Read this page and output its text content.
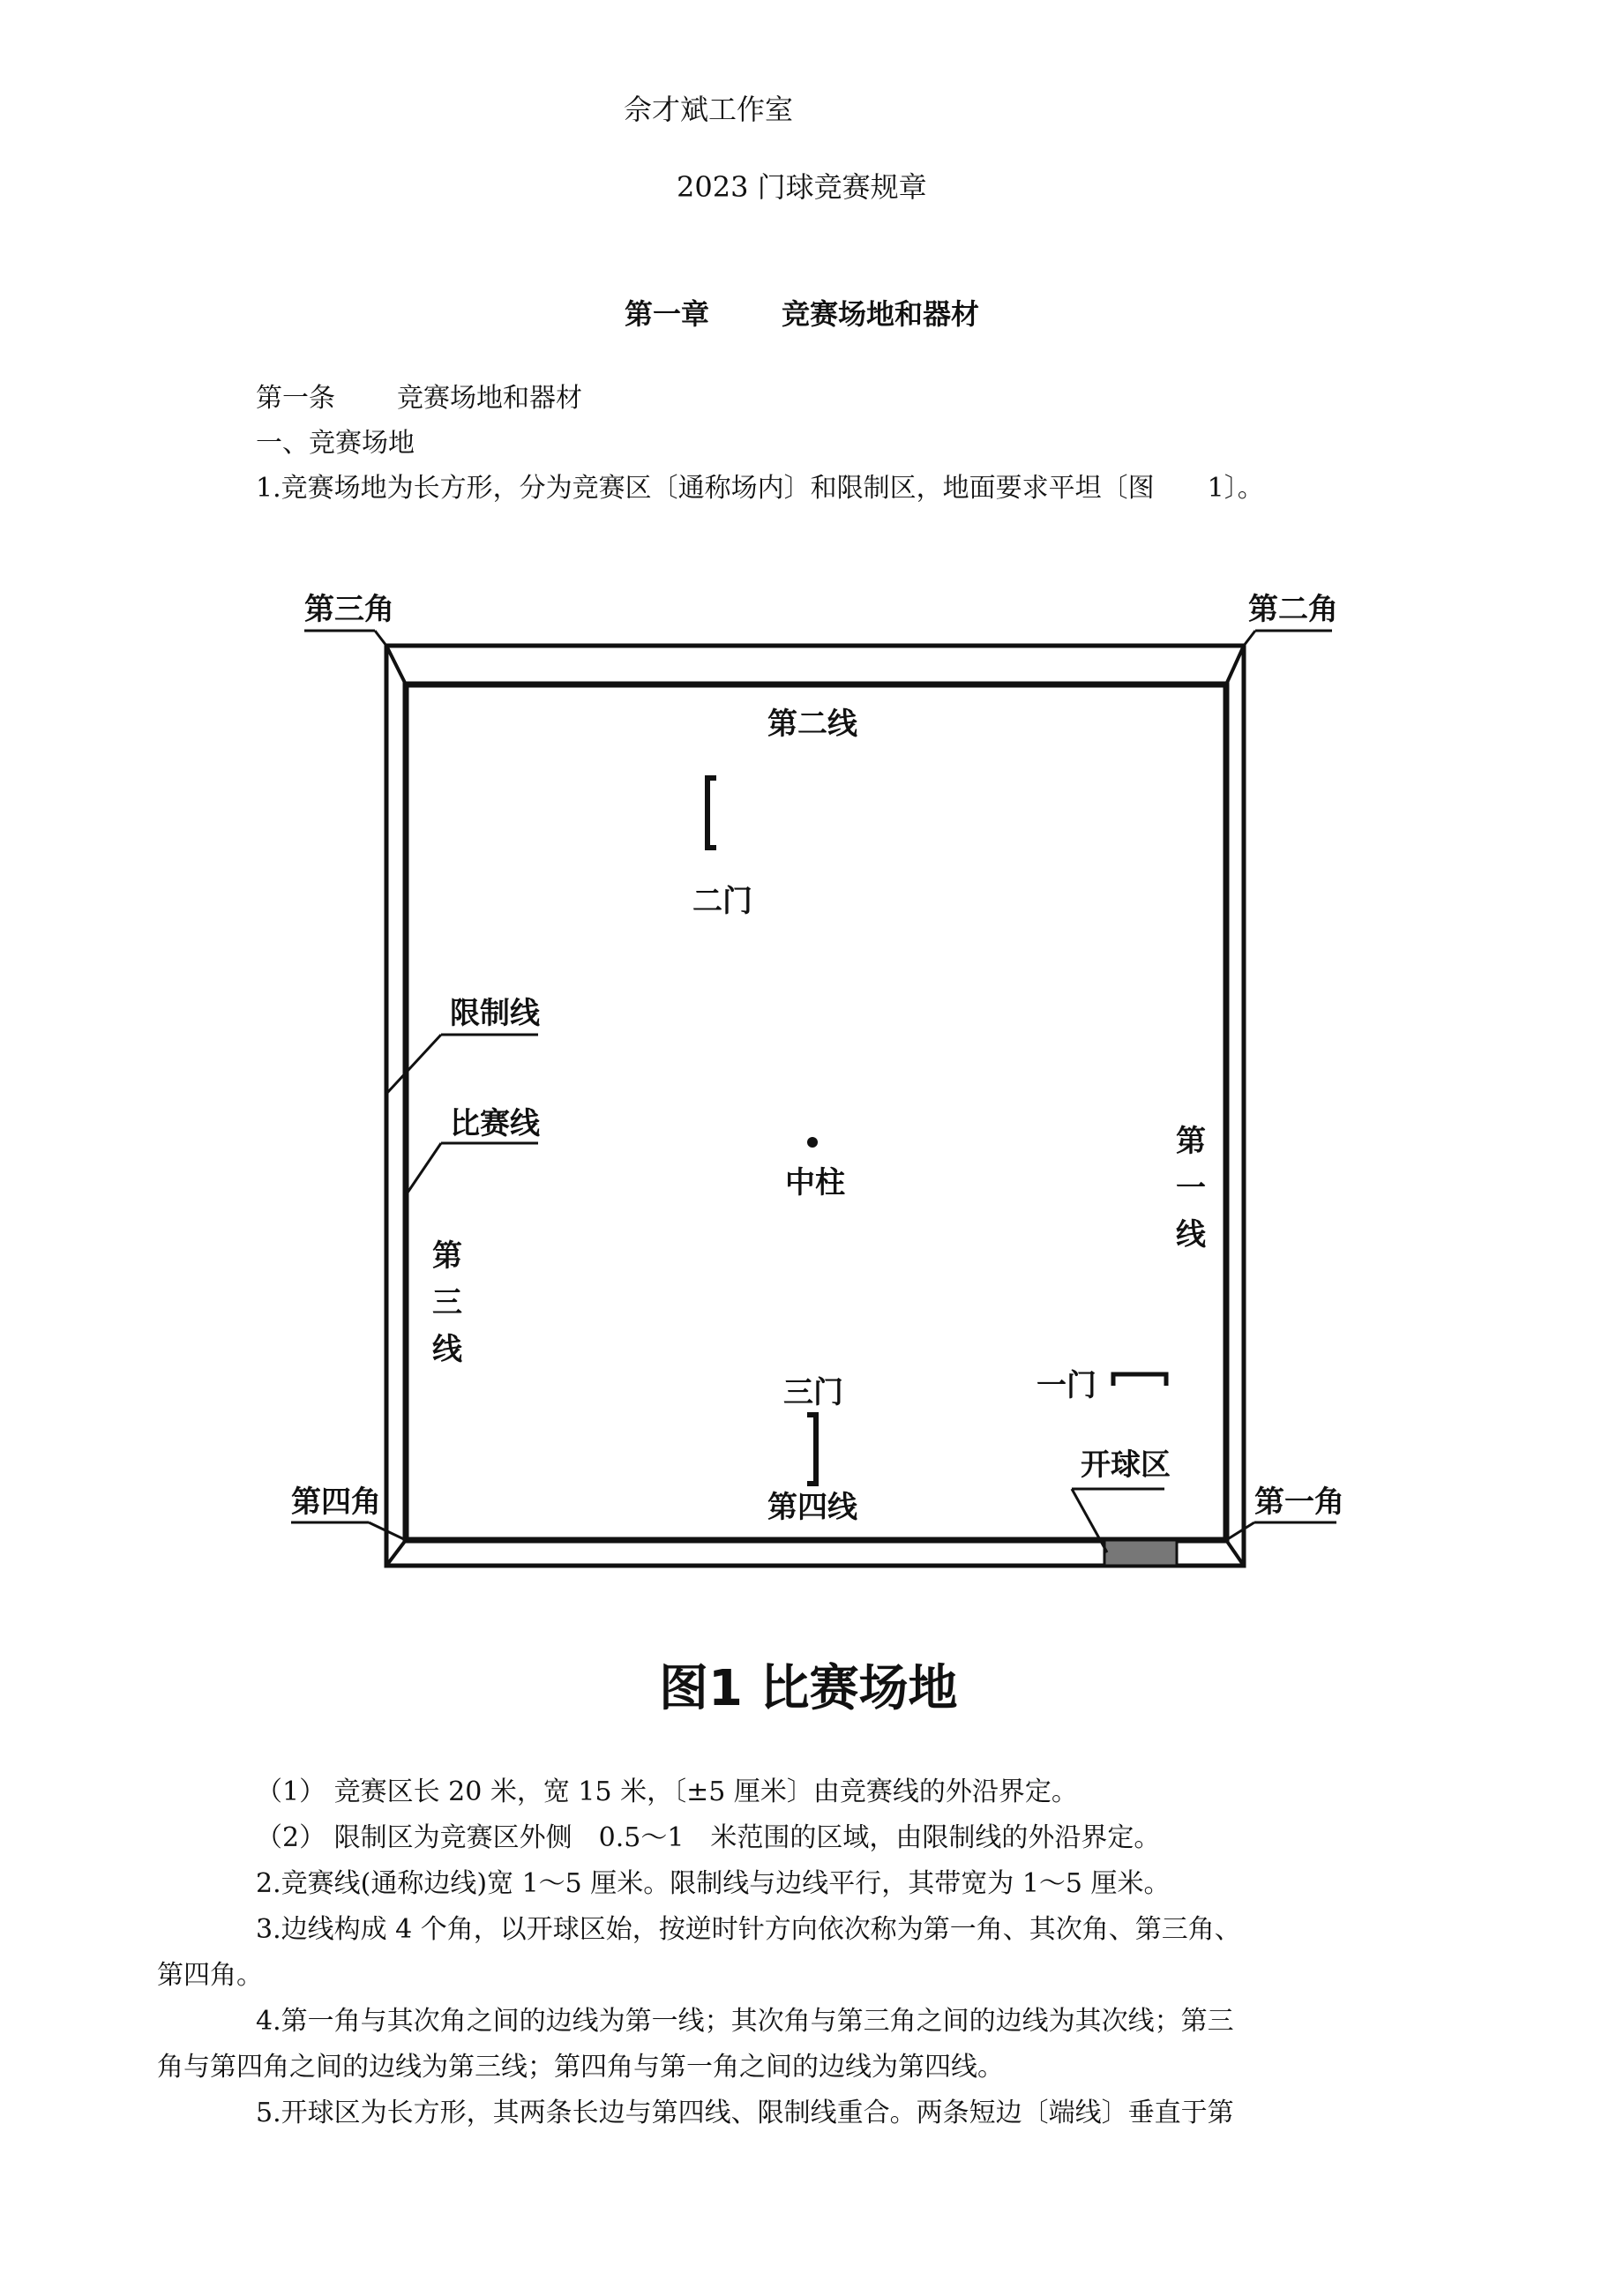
佘才斌工作室
2023 门球竞赛规章
第一章	竞赛场地和器材
第一条 竞赛场地和器材
一、竞赛场地
1.竞赛场地为长方形，分为竞赛区〔通称场内〕和限制区，地面要求平坦〔图　　1〕。
第三角	第二角
第四角	第一角
第二线
第四线
第
三
线
第
一
线
二门
中柱
三门	一门
限制线
比赛线
开球区
图1 比赛场地
（1） 竞赛区长 20 米，宽 15 米，〔±5 厘米〕由竞赛线的外沿界定。
（2） 限制区为竞赛区外侧　0.5～1　米范围的区域，由限制线的外沿界定。
2.竞赛线(通称边线)宽 1～5 厘米。限制线与边线平行，其带宽为 1～5 厘米。
3.边线构成 4 个角，以开球区始，按逆时针方向依次称为第一角、其次角、第三角、
第四角。
4.第一角与其次角之间的边线为第一线；其次角与第三角之间的边线为其次线；第三
角与第四角之间的边线为第三线；第四角与第一角之间的边线为第四线。
5.开球区为长方形，其两条长边与第四线、限制线重合。两条短边〔端线〕垂直于第
